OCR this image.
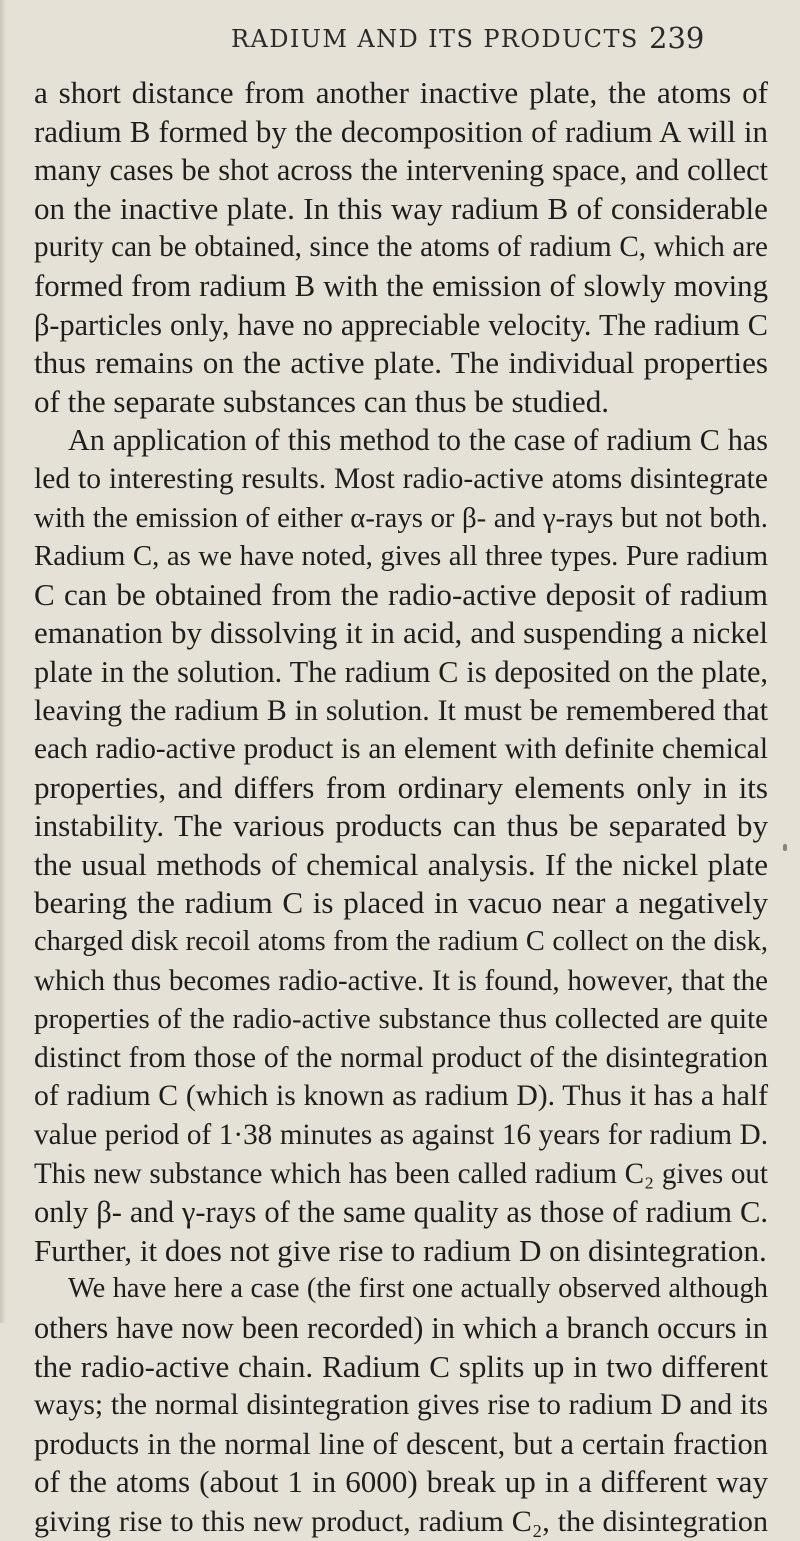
RADIUM AND ITS PRODUCTS 239
a short distance from another inactive plate, the atoms of
radium B formed by the decomposition of radium A will in
many cases be shot across the intervening space, and collect
on the inactive plate. In this way radium B of considerable
purity can be obtained, since the atoms of radium C, which are
formed from radium B with the emission of slowly moving
β-particles only, have no appreciable velocity. The radium C
thus remains on the active plate. The individual properties
of the separate substances can thus be studied.
An application of this method to the case of radium C has
led to interesting results. Most radio-active atoms disintegrate
with the emission of either α-rays or β- and γ-rays but not both.
Radium C, as we have noted, gives all three types. Pure radium
C can be obtained from the radio-active deposit of radium
emanation by dissolving it in acid, and suspending a nickel
plate in the solution. The radium C is deposited on the plate,
leaving the radium B in solution. It must be remembered that
each radio-active product is an element with definite chemical
properties, and differs from ordinary elements only in its
instability. The various products can thus be separated by
the usual methods of chemical analysis. If the nickel plate
bearing the radium C is placed in vacuo near a negatively
charged disk recoil atoms from the radium C collect on the disk,
which thus becomes radio-active. It is found, however, that the
properties of the radio-active substance thus collected are quite
distinct from those of the normal product of the disintegration
of radium C (which is known as radium D). Thus it has a half
value period of 1·38 minutes as against 16 years for radium D.
This new substance which has been called radium C₂ gives out
only β- and γ-rays of the same quality as those of radium C.
Further, it does not give rise to radium D on disintegration.
We have here a case (the first one actually observed although
others have now been recorded) in which a branch occurs in
the radio-active chain. Radium C splits up in two different
ways; the normal disintegration gives rise to radium D and its
products in the normal line of descent, but a certain fraction
of the atoms (about 1 in 6000) break up in a different way
giving rise to this new product, radium C₂, the disintegration
